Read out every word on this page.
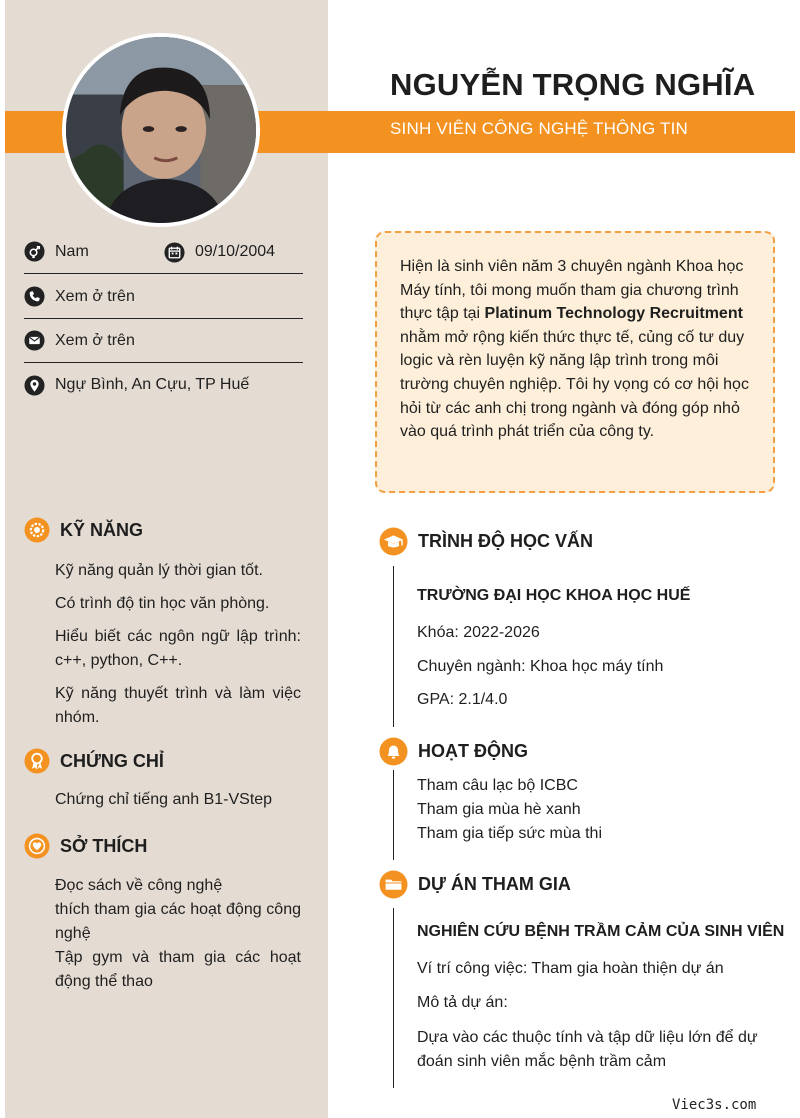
NGUYỄN TRỌNG NGHĨA
SINH VIÊN CÔNG NGHỆ THÔNG TIN
Nam	09/10/2004
Xem ở trên
Xem ở trên
Ngự Bình, An Cựu, TP Huế
KỸ NĂNG

Kỹ năng quản lý thời gian tốt.

Có trình độ tin học văn phòng.

Hiểu biết các ngôn ngữ lập trình: c++, python, C++.

Kỹ năng thuyết trình và làm việc nhóm.

CHỨNG CHỈ

Chứng chỉ tiếng anh B1-VStep

SỞ THÍCH

Đọc sách về công nghệ

thích tham gia các hoạt động công nghệ

Tập gym và tham gia các hoạt động thể thao

Hiện là sinh viên năm 3 chuyên ngành Khoa học Máy tính, tôi mong muốn tham gia chương trình thực tập tại Platinum Technology Recruitment nhằm mở rộng kiến thức thực tế, củng cố tư duy logic và rèn luyện kỹ năng lập trình trong môi trường chuyên nghiệp. Tôi hy vọng có cơ hội học hỏi từ các anh chị trong ngành và đóng góp nhỏ vào quá trình phát triển của công ty.
TRÌNH ĐỘ HỌC VẤN
TRƯỜNG ĐẠI HỌC KHOA HỌC HUẾ
Khóa: 2022-2026
Chuyên ngành: Khoa học máy tính
GPA: 2.1/4.0
HOẠT ĐỘNG
Tham câu lạc bộ ICBC
Tham gia mùa hè xanh
Tham gia tiếp sức mùa thi
DỰ ÁN THAM GIA
NGHIÊN CỨU BỆNH TRẦM CẢM CỦA SINH VIÊN
Ví trí công việc: Tham gia hoàn thiện dự án
Mô tả dự án:
Dựa vào các thuộc tính và tập dữ liệu lớn để dự đoán sinh viên mắc bệnh trầm cảm
Viec3s.com
